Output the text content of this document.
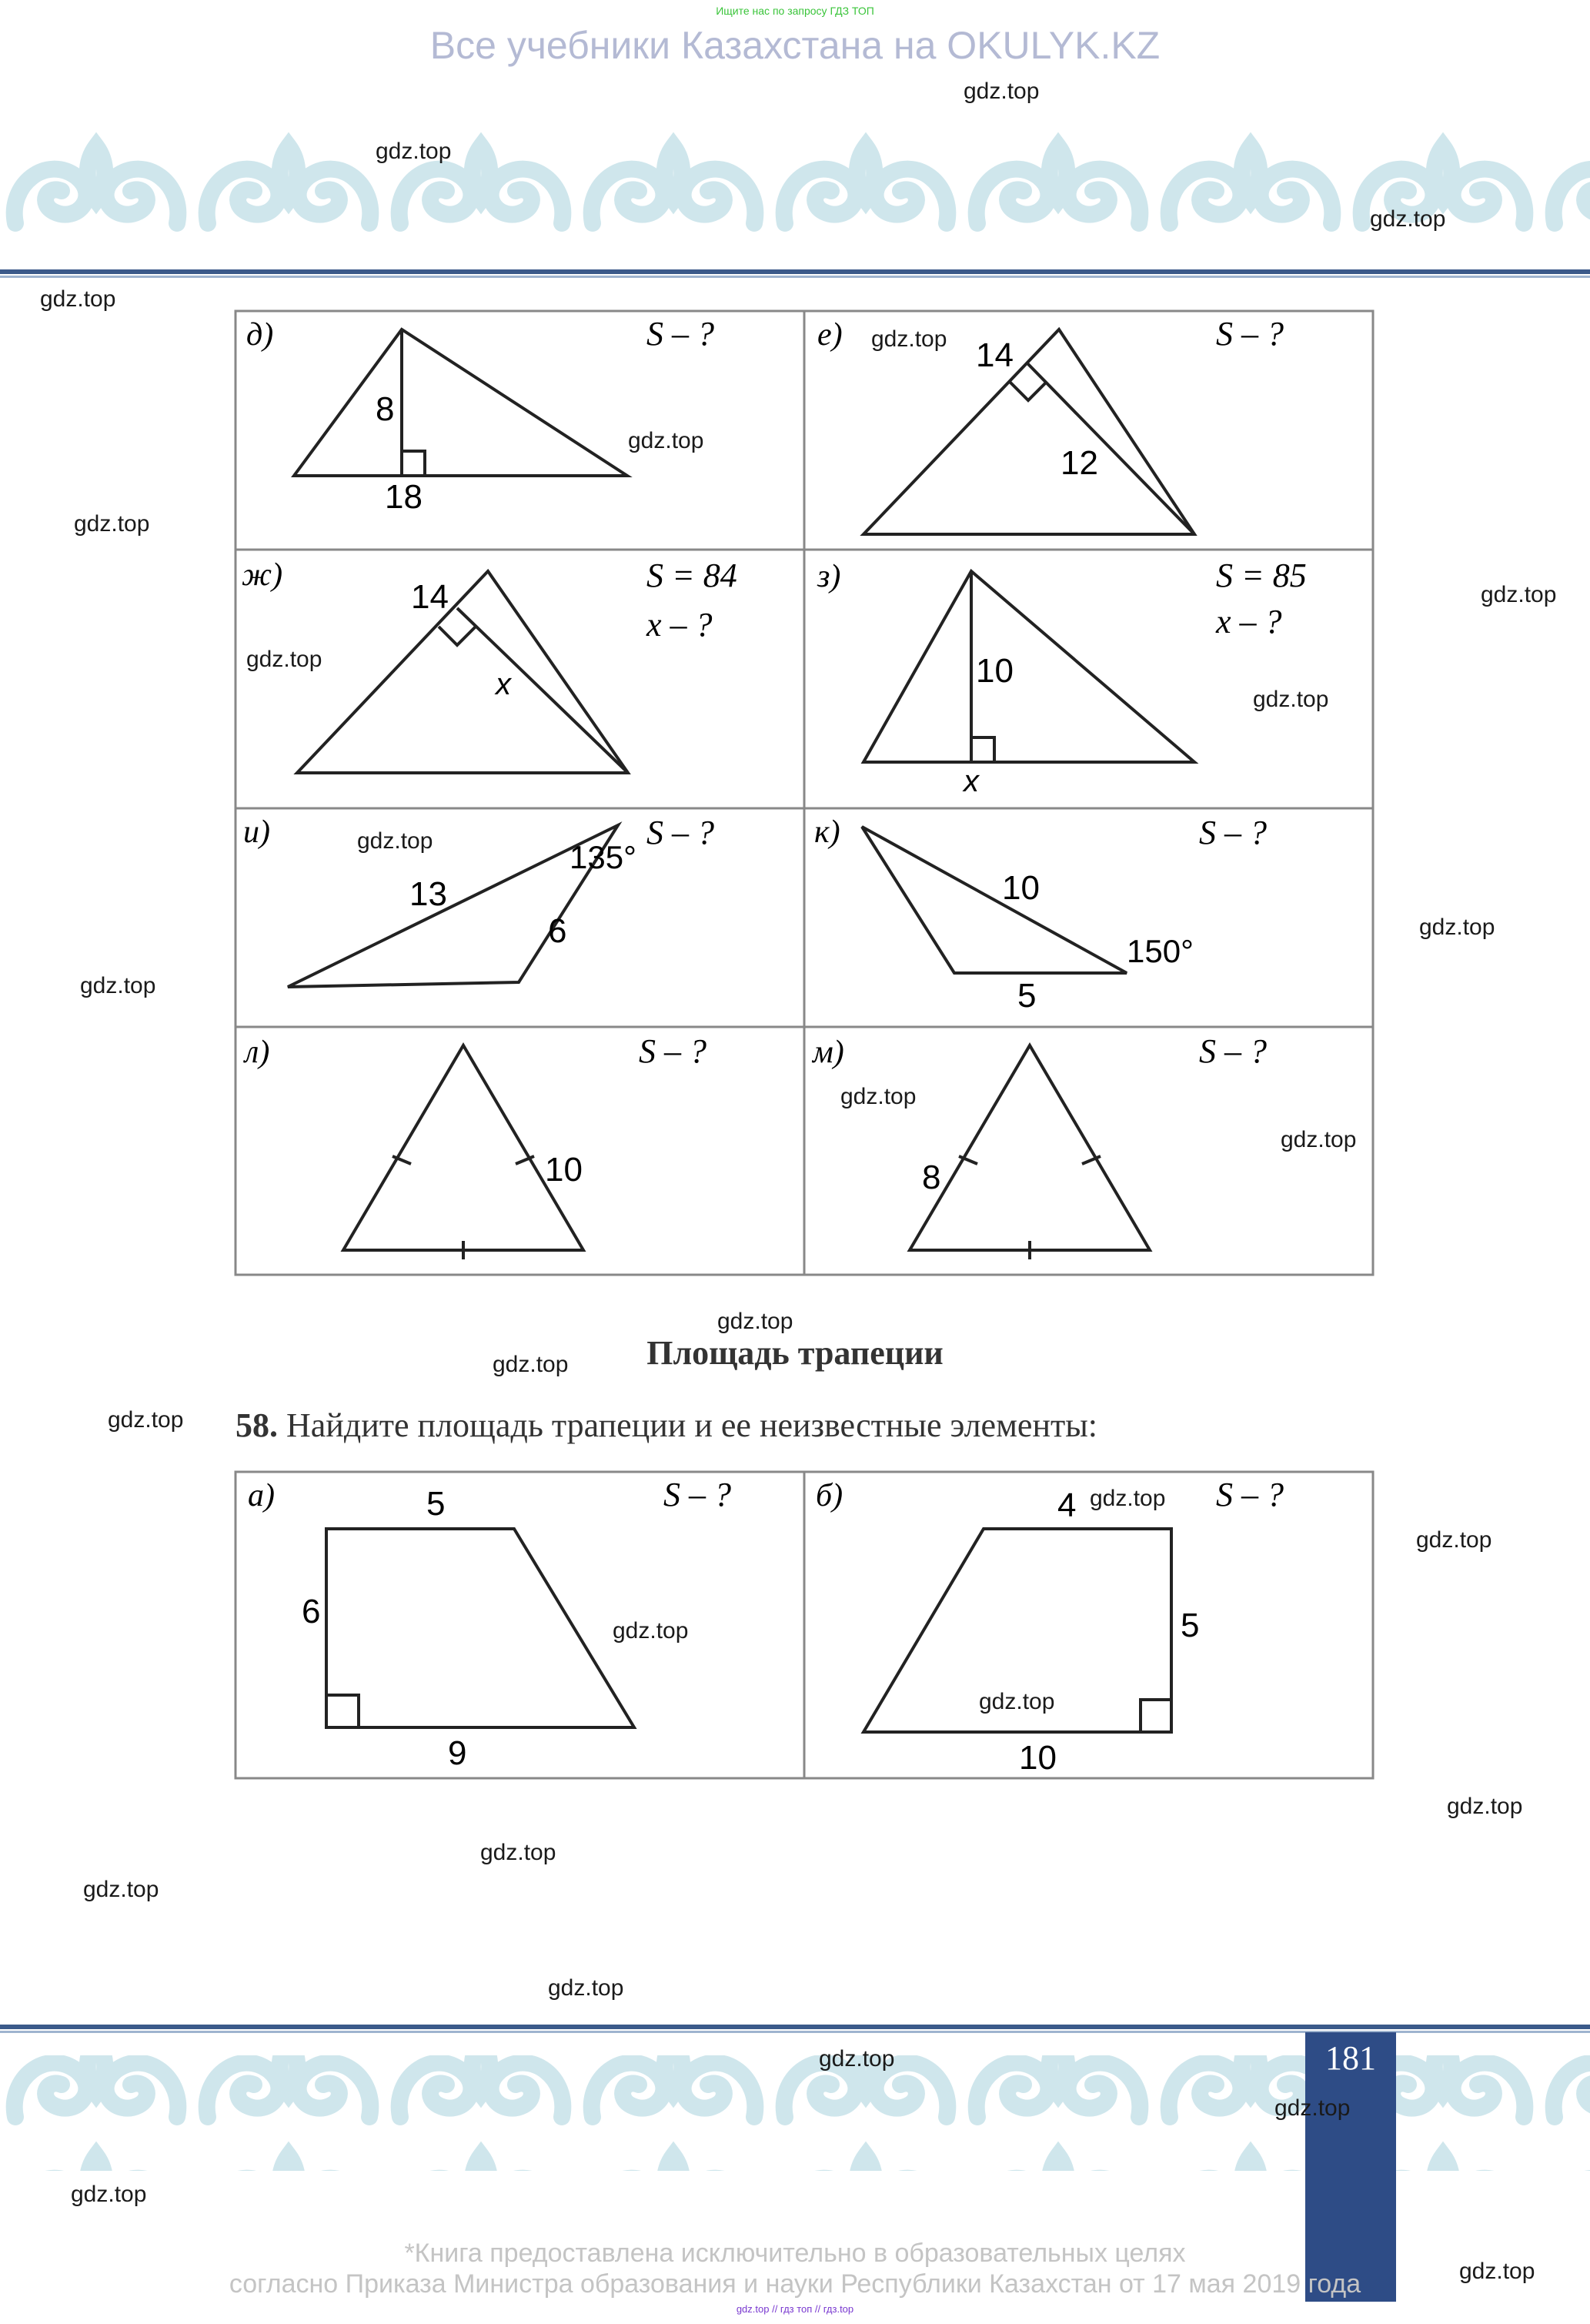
Ищите нас по запросу ГДЗ ТОП
Все учебники Казахстана на OKULYK.KZ
д)	S – ?
8
18
е)	S – ?
14
12
ж)	S = 84
x – ?
14
x
з)	S = 85
x – ?
10
x
и)	S – ?
13
135°
6
к)	S – ?
10
150°
5
л)	S – ?
10
м)	S – ?
8
Площадь трапеции
58. Найдите площадь трапеции и ее неизвестные элементы:
а)	S – ?
5
6
9
б)	S – ?
4
5
10
181
*Книга предоставлена исключительно в образовательных целях
согласно Приказа Министра образования и науки Республики Казахстан от 17 мая 2019 года
gdz.top // гдз топ // гдз.top
gdz.top
gdz.top
gdz.top
gdz.top
gdz.top
gdz.top
gdz.top
gdz.top
gdz.top
gdz.top
gdz.top
gdz.top
gdz.top
gdz.top
gdz.top
gdz.top
gdz.top
gdz.top
gdz.top
gdz.top
gdz.top
gdz.top
gdz.top
gdz.top
gdz.top
gdz.top
gdz.top
gdz.top
gdz.top
gdz.top
